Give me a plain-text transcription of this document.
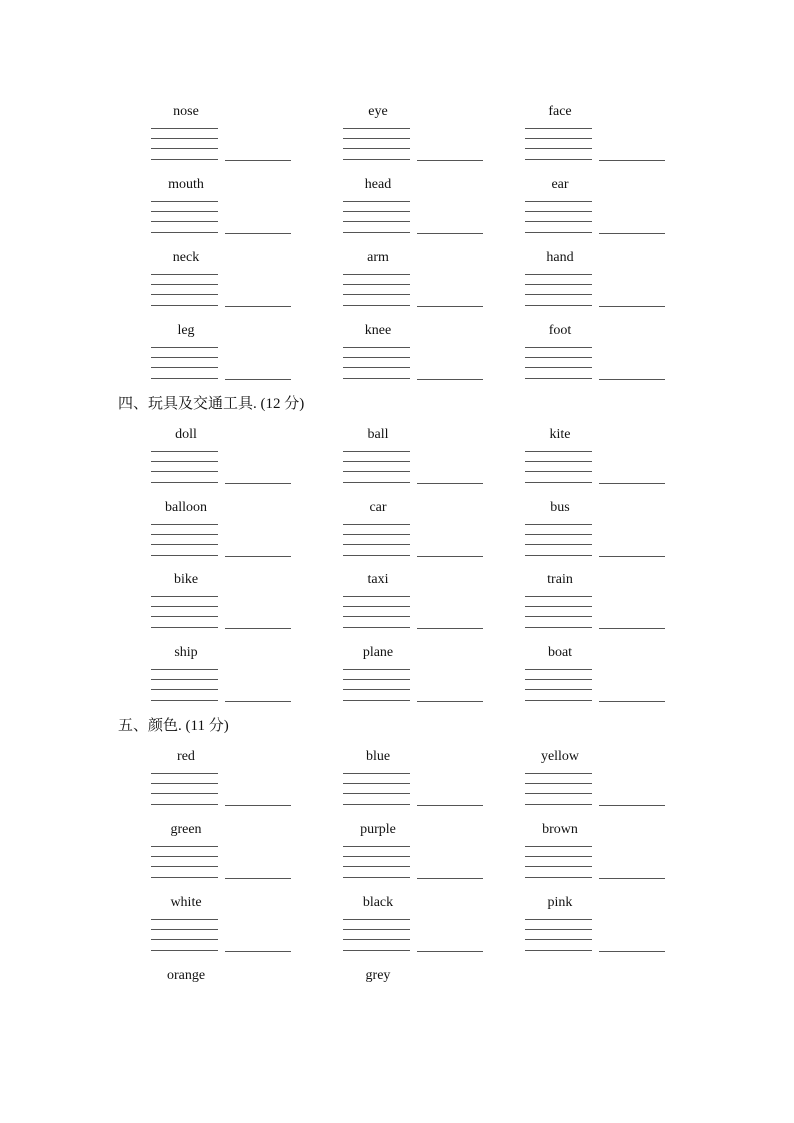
四、玩具及交通工具. (12 分)
五、颜色. (11 分)
nose	eye	face
mouth	head	ear
neck	arm	hand
leg	knee	foot
doll	ball	kite
balloon	car	bus
bike	taxi	train
ship	plane	boat
red	blue	yellow
green	purple	brown
white	black	pink
orange	grey
